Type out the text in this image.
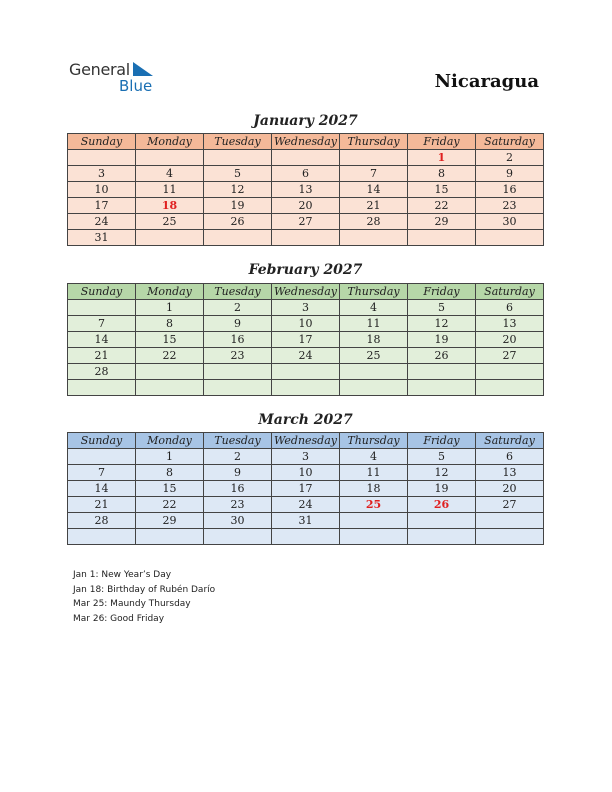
General
Blue	Nicaragua
January 2027
Sunday	Monday	Tuesday	Wednesday	Thursday	Friday	Saturday
					1	2
3	4	5	6	7	8	9
10	11	12	13	14	15	16
17	18	19	20	21	22	23
24	25	26	27	28	29	30
31						
February 2027
Sunday	Monday	Tuesday	Wednesday	Thursday	Friday	Saturday
	1	2	3	4	5	6
7	8	9	10	11	12	13
14	15	16	17	18	19	20
21	22	23	24	25	26	27
28						

March 2027
Sunday	Monday	Tuesday	Wednesday	Thursday	Friday	Saturday
	1	2	3	4	5	6
7	8	9	10	11	12	13
14	15	16	17	18	19	20
21	22	23	24	25	26	27
28	29	30	31			

Jan 1: New Year’s Day
Jan 18: Birthday of Rubén Darío
Mar 25: Maundy Thursday
Mar 26: Good Friday
